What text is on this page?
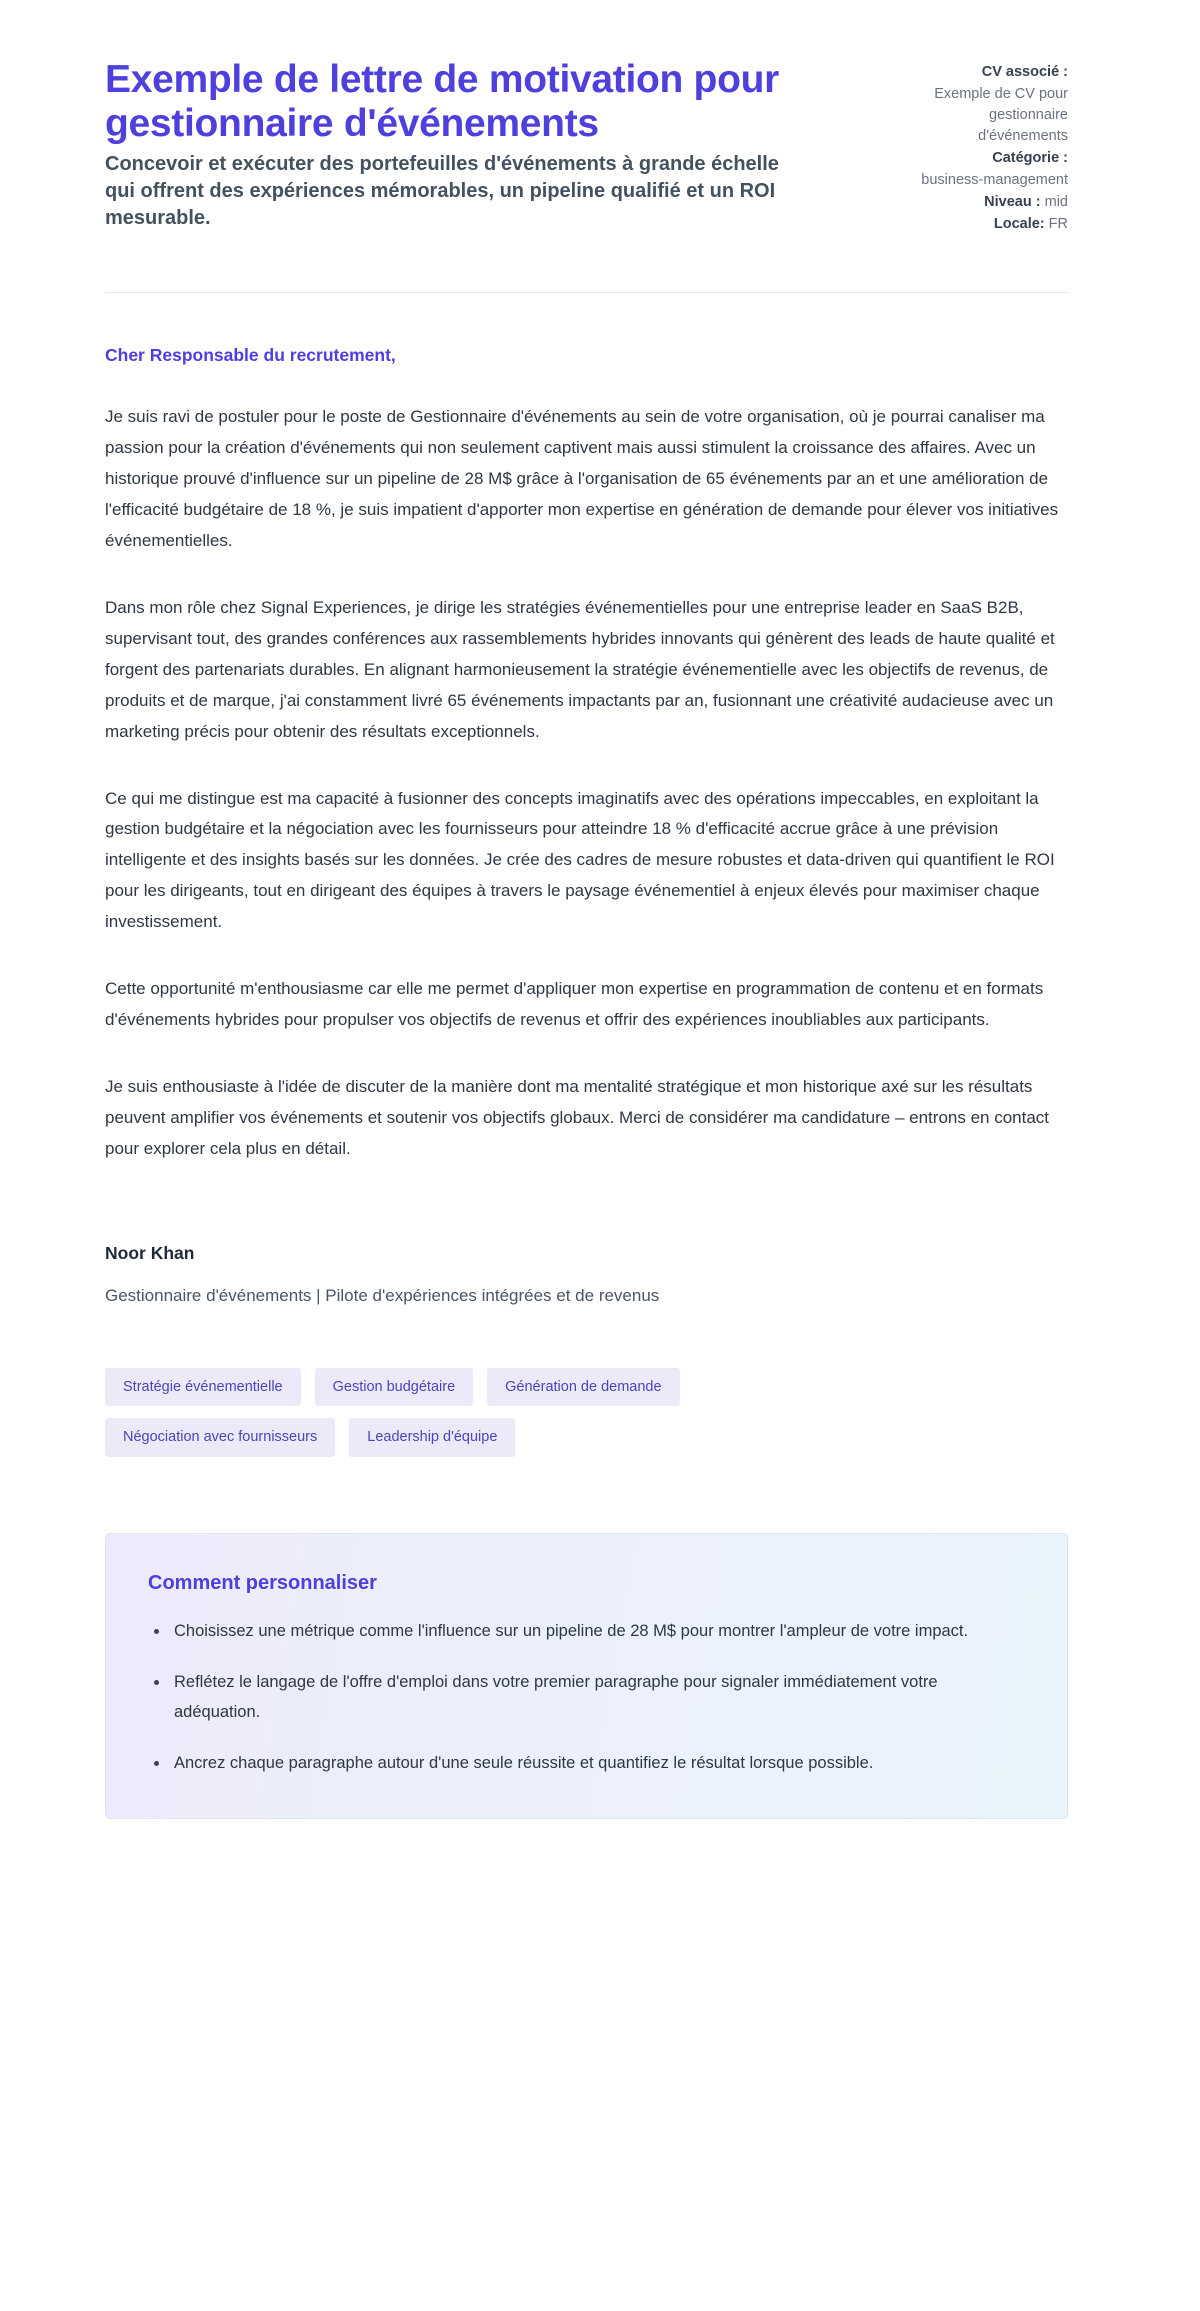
Exemple de lettre de motivation pour gestionnaire d'événements

Concevoir et exécuter des portefeuilles d'événements à grande échelle qui offrent des expériences mémorables, un pipeline qualifié et un ROI mesurable.

CV associé :
Exemple de CV pour gestionnaire d'événements
Catégorie :
business-management
Niveau : mid
Locale: FR

Cher Responsable du recrutement,

Je suis ravi de postuler pour le poste de Gestionnaire d'événements au sein de votre organisation, où je pourrai canaliser ma passion pour la création d'événements qui non seulement captivent mais aussi stimulent la croissance des affaires. Avec un historique prouvé d'influence sur un pipeline de 28 M$ grâce à l'organisation de 65 événements par an et une amélioration de l'efficacité budgétaire de 18 %, je suis impatient d'apporter mon expertise en génération de demande pour élever vos initiatives événementielles.

Dans mon rôle chez Signal Experiences, je dirige les stratégies événementielles pour une entreprise leader en SaaS B2B, supervisant tout, des grandes conférences aux rassemblements hybrides innovants qui génèrent des leads de haute qualité et forgent des partenariats durables. En alignant harmonieusement la stratégie événementielle avec les objectifs de revenus, de produits et de marque, j'ai constamment livré 65 événements impactants par an, fusionnant une créativité audacieuse avec un marketing précis pour obtenir des résultats exceptionnels.

Ce qui me distingue est ma capacité à fusionner des concepts imaginatifs avec des opérations impeccables, en exploitant la gestion budgétaire et la négociation avec les fournisseurs pour atteindre 18 % d'efficacité accrue grâce à une prévision intelligente et des insights basés sur les données. Je crée des cadres de mesure robustes et data-driven qui quantifient le ROI pour les dirigeants, tout en dirigeant des équipes à travers le paysage événementiel à enjeux élevés pour maximiser chaque investissement.

Cette opportunité m'enthousiasme car elle me permet d'appliquer mon expertise en programmation de contenu et en formats d'événements hybrides pour propulser vos objectifs de revenus et offrir des expériences inoubliables aux participants.

Je suis enthousiaste à l'idée de discuter de la manière dont ma mentalité stratégique et mon historique axé sur les résultats peuvent amplifier vos événements et soutenir vos objectifs globaux. Merci de considérer ma candidature – entrons en contact pour explorer cela plus en détail.

Noor Khan

Gestionnaire d'événements | Pilote d'expériences intégrées et de revenus

Stratégie événementielle	Gestion budgétaire	Génération de demande
Négociation avec fournisseurs	Leadership d'équipe
Comment personnaliser
Choisissez une métrique comme l'influence sur un pipeline de 28 M$ pour montrer l'ampleur de votre impact.
Reflétez le langage de l'offre d'emploi dans votre premier paragraphe pour signaler immédiatement votre adéquation.
Ancrez chaque paragraphe autour d'une seule réussite et quantifiez le résultat lorsque possible.
